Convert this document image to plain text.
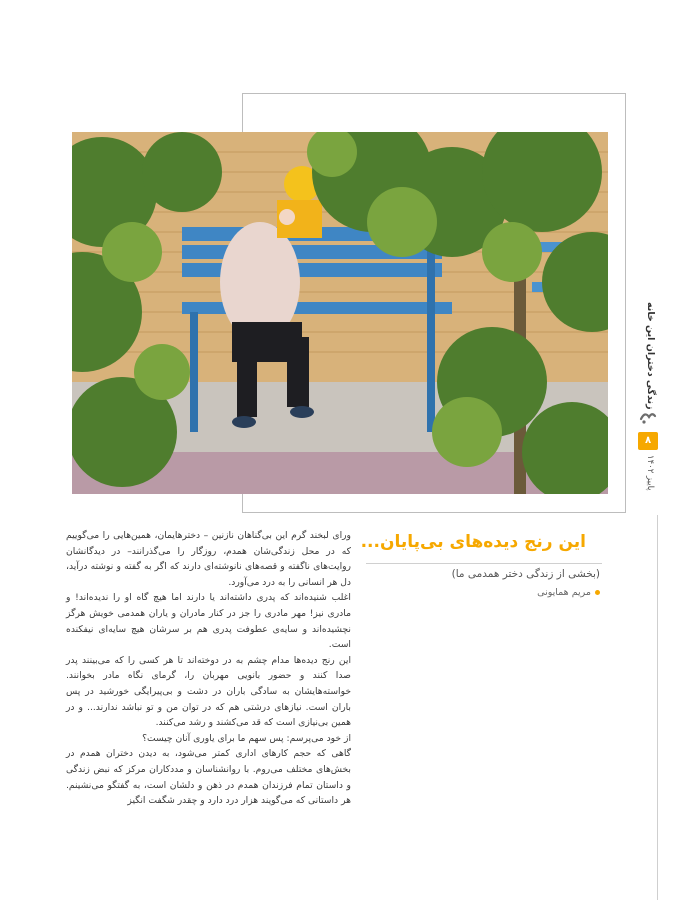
زندگی دختران این خانه
۸
پاییز ۱۴۰۲
این رنج دیده‌های بی‌پایان...
(بخشی از زندگی دختر همدمی ما)
مریم همایونی

ورای لبخند گرم این بی‌گناهان نازنین – دخترهایمان، همین‌هایی را می‌گوییم که در محل زندگی‌شان همدم، روزگار را می‌گذرانند– در دیدگانشان روایت‌های ناگفته و قصه‌های نانوشته‌ای دارند که اگر به گفته و نوشته درآید، دل هر انسانی را به درد می‌آورد.

اغلب شنیده‌اند که پدری داشته‌اند یا دارند اما هیچ گاه او را ندیده‌اند! و مادری نیز! مهر مادری را جز در کنار مادران و یاران همدمی خویش هرگز نچشیده‌اند و سایه‌ی عطوفت پدری هم بر سرشان هیچ سایه‌ای نیفکنده است.

این رنج دیده‌ها مدام چشم به در دوخته‌اند تا هر کسی را که می‌بینند پدر صدا کنند و حضور بانویی مهربان را، گرمای نگاه مادر بخوانند. خواسته‌هایشان به سادگی باران در دشت و بی‌پیرایگی خورشید در پس باران است. نیازهای درشتی هم که در توان من و تو نباشد ندارند... و در همین بی‌نیازی است که قد می‌کشند و رشد می‌کنند.

از خود می‌پرسم: پس سهم ما برای یاوری آنان چیست؟

گاهی که حجم کارهای اداری کمتر می‌شود، به دیدن دختران همدم در بخش‌های مختلف می‌روم. با روانشناسان و مددکاران مرکز که نبض زندگی و داستان تمام فرزندان همدم در ذهن و دلشان است، به گفتگو می‌نشینم. هر داستانی که می‌گویند هزار درد دارد و چقدر شگفت انگیز
